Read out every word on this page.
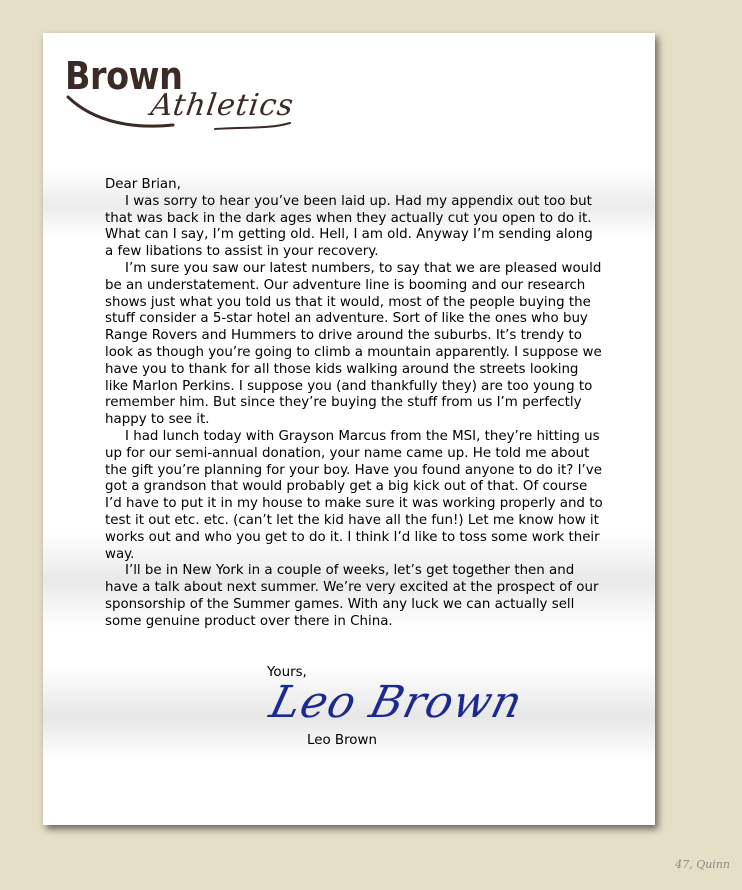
Brown
Athletics

Dear Brian,

I was sorry to hear you’ve been laid up. Had my appendix out too but that was back in the dark ages when they actually cut you open to do it. What can I say, I’m getting old. Hell, I am old. Anyway I’m sending along a few libations to assist in your recovery.

I’m sure you saw our latest numbers, to say that we are pleased would be an understatement. Our adventure line is booming and our research shows just what you told us that it would, most of the people buying the stuff consider a 5-star hotel an adventure. Sort of like the ones who buy Range Rovers and Hummers to drive around the suburbs. It’s trendy to look as though you’re going to climb a mountain apparently. I suppose we have you to thank for all those kids walking around the streets looking like Marlon Perkins. I suppose you (and thankfully they) are too young to remember him. But since they’re buying the stuff from us I’m perfectly happy to see it.

I had lunch today with Grayson Marcus from the MSI, they’re hitting us up for our semi-annual donation, your name came up. He told me about the gift you’re planning for your boy. Have you found anyone to do it? I’ve got a grandson that would probably get a big kick out of that. Of course I’d have to put it in my house to make sure it was working properly and to test it out etc. etc. (can’t let the kid have all the fun!) Let me know how it works out and who you get to do it. I think I’d like to toss some work their way.

I’ll be in New York in a couple of weeks, let’s get together then and have a talk about next summer. We’re very excited at the prospect of our sponsorship of the Summer games. With any luck we can actually sell some genuine product over there in China.

Yours,
Leo Brown
Leo Brown
47, Quinn
